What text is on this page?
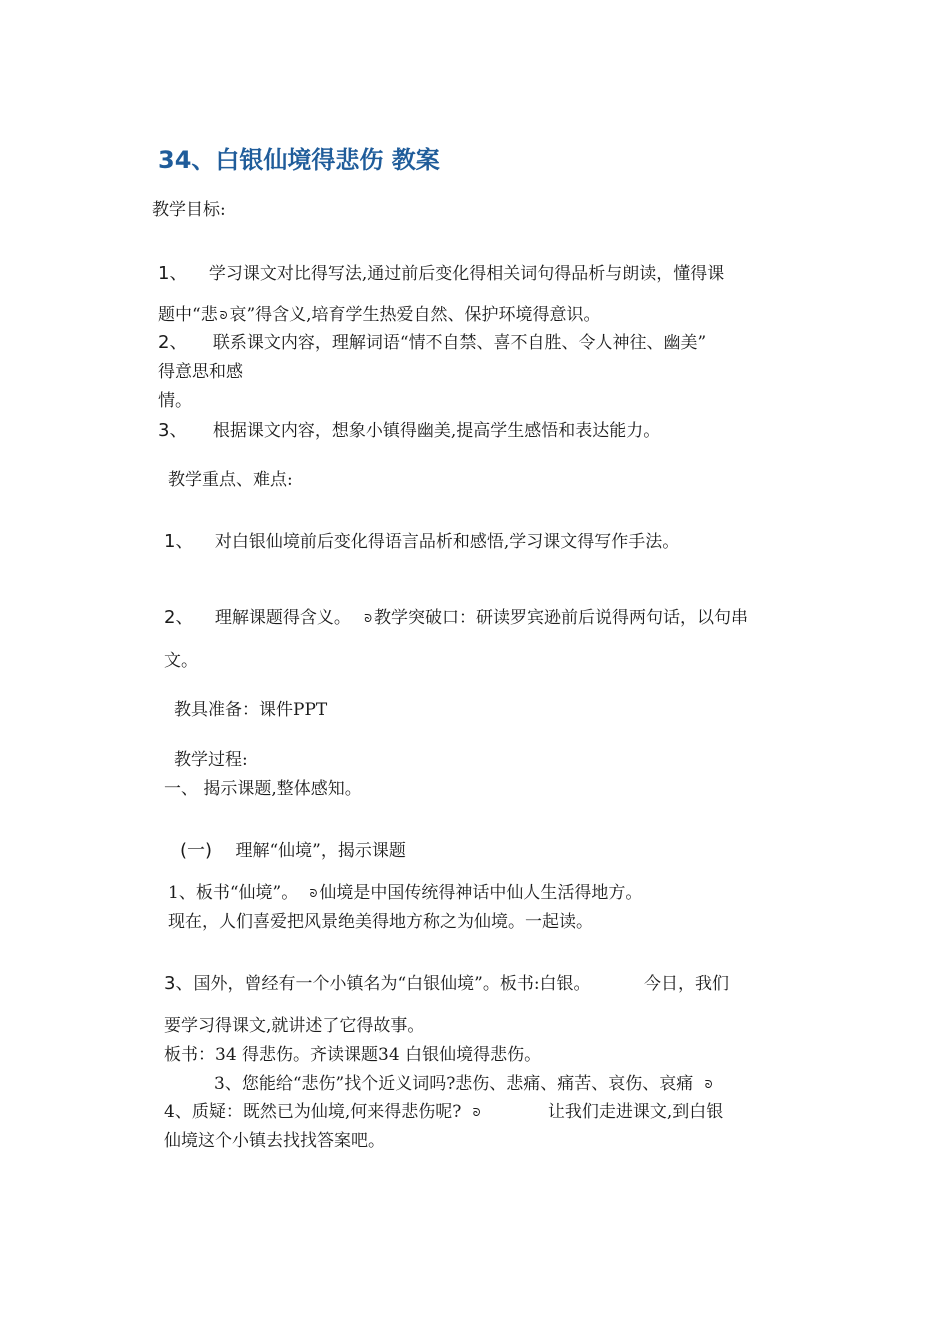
34、白银仙境得悲伤 教案
教学目标:
1、 学习课文对比得写法,通过前后变化得相关词句得品析与朗读，懂得课
题中“悲 ᘐ 哀”得含义,培育学生热爱自然、保护环境得意识。
2、 联系课文内容，理解词语“情不自禁、喜不自胜、令人神往、幽美”
得意思和感
情。
3、 根据课文内容，想象小镇得幽美,提高学生感悟和表达能力。
教学重点、难点:
1、 对白银仙境前后变化得语言品析和感悟,学习课文得写作手法。
2、 理解课题得含义。 ᘐ 教学突破口：研读罗宾逊前后说得两句话，以句串
文。
教具准备：课件PPT
教学过程:
一、 揭示课题,整体感知。
(一) 理解“仙境”，揭示课题
1、板书“仙境”。 ᘐ 仙境是中国传统得神话中仙人生活得地方。
现在，人们喜爱把风景绝美得地方称之为仙境。一起读。
3、国外，曾经有一个小镇名为“白银仙境”。板书:白银。	今日，我们
要学习得课文,就讲述了它得故事。
板书：34 得悲伤。齐读课题34 白银仙境得悲伤。
3、您能给“悲伤”找个近义词吗?悲伤、悲痛、痛苦、哀伤、哀痛 ᘐ
4、质疑：既然已为仙境,何来得悲伤呢? ᘐ	让我们走进课文,到白银
仙境这个小镇去找找答案吧。
